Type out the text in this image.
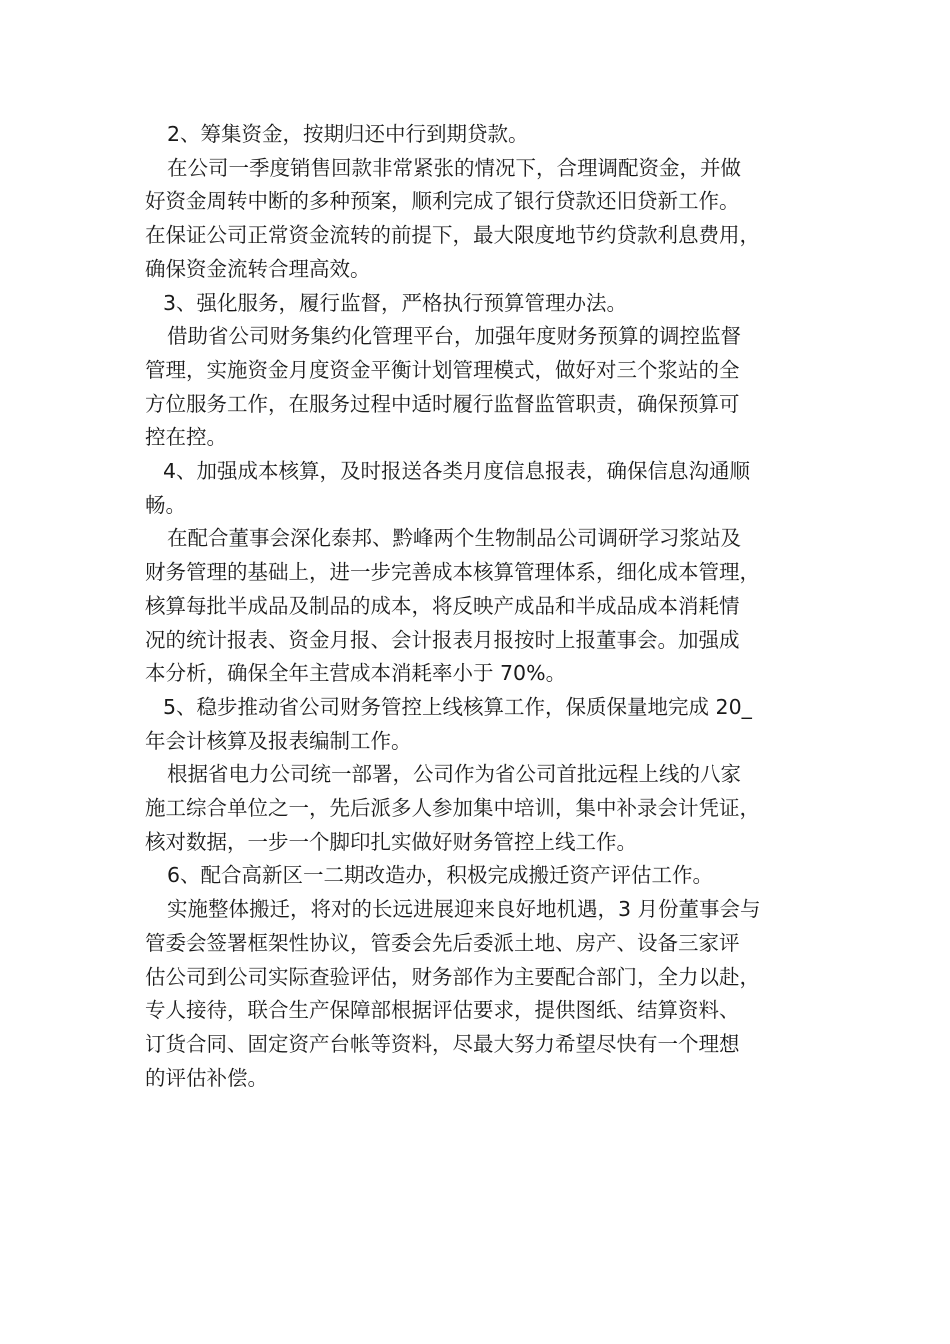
2、筹集资金，按期归还中行到期贷款。

在公司一季度销售回款非常紧张的情况下，合理调配资金，并做

好资金周转中断的多种预案，顺利完成了银行贷款还旧贷新工作。

在保证公司正常资金流转的前提下，最大限度地节约贷款利息费用，

确保资金流转合理高效。

3、强化服务，履行监督，严格执行预算管理办法。

借助省公司财务集约化管理平台，加强年度财务预算的调控监督

管理，实施资金月度资金平衡计划管理模式，做好对三个浆站的全

方位服务工作，在服务过程中适时履行监督监管职责，确保预算可

控在控。

4、加强成本核算，及时报送各类月度信息报表，确保信息沟通顺

畅。

在配合董事会深化泰邦、黔峰两个生物制品公司调研学习浆站及

财务管理的基础上，进一步完善成本核算管理体系，细化成本管理，

核算每批半成品及制品的成本，将反映产成品和半成品成本消耗情

况的统计报表、资金月报、会计报表月报按时上报董事会。加强成

本分析，确保全年主营成本消耗率小于 70%。

5、稳步推动省公司财务管控上线核算工作，保质保量地完成 20_

年会计核算及报表编制工作。

根据省电力公司统一部署，公司作为省公司首批远程上线的八家

施工综合单位之一，先后派多人参加集中培训，集中补录会计凭证，

核对数据，一步一个脚印扎实做好财务管控上线工作。

6、配合高新区一二期改造办，积极完成搬迁资产评估工作。

实施整体搬迁，将对的长远进展迎来良好地机遇，3 月份董事会与

管委会签署框架性协议，管委会先后委派土地、房产、设备三家评

估公司到公司实际查验评估，财务部作为主要配合部门，全力以赴，

专人接待，联合生产保障部根据评估要求，提供图纸、结算资料、

订货合同、固定资产台帐等资料，尽最大努力希望尽快有一个理想

的评估补偿。
